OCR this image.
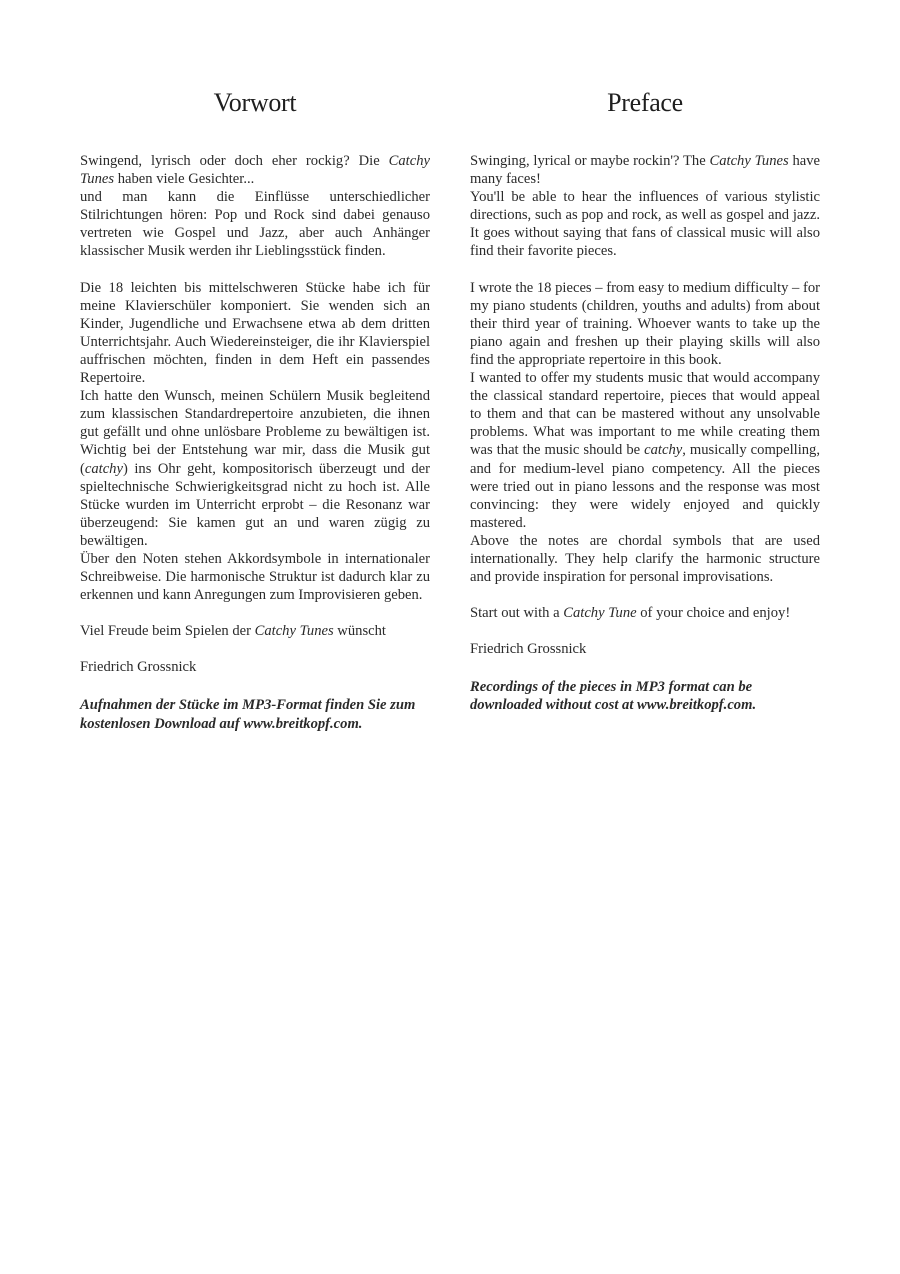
Vorwort

Swingend, lyrisch oder doch eher rockig? Die Catchy Tunes haben viele Gesichter...

und man kann die Einflüsse unterschiedlicher Stilrichtungen hören: Pop und Rock sind dabei genauso vertreten wie Gospel und Jazz, aber auch Anhänger klassischer Musik werden ihr Lieblingsstück finden.

Die 18 leichten bis mittelschweren Stücke habe ich für meine Klavierschüler komponiert. Sie wenden sich an Kinder, Jugendliche und Erwachsene etwa ab dem dritten Unterrichtsjahr. Auch Wiedereinsteiger, die ihr Klavierspiel auffrischen möchten, finden in dem Heft ein passendes Repertoire.

Ich hatte den Wunsch, meinen Schülern Musik begleitend zum klassischen Standardrepertoire anzubieten, die ihnen gut gefällt und ohne unlösbare Probleme zu bewältigen ist. Wichtig bei der Entstehung war mir, dass die Musik gut (catchy) ins Ohr geht, kompositorisch überzeugt und der spieltechnische Schwierigkeitsgrad nicht zu hoch ist. Alle Stücke wurden im Unterricht erprobt – die Resonanz war überzeugend: Sie kamen gut an und waren zügig zu bewältigen.

Über den Noten stehen Akkordsymbole in internationaler Schreibweise. Die harmonische Struktur ist dadurch klar zu erkennen und kann Anregungen zum Improvisieren geben.

Viel Freude beim Spielen der Catchy Tunes wünscht

Friedrich Grossnick

Aufnahmen der Stücke im MP3-Format finden Sie zum kostenlosen Download auf www.breitkopf.com.

Preface

Swinging, lyrical or maybe rockin'? The Catchy Tunes have many faces!

You'll be able to hear the influences of various stylistic directions, such as pop and rock, as well as gospel and jazz. It goes without saying that fans of classical music will also find their favorite pieces.

I wrote the 18 pieces – from easy to medium difficulty – for my piano students (children, youths and adults) from about their third year of training. Whoever wants to take up the piano again and freshen up their playing skills will also find the appropriate repertoire in this book.

I wanted to offer my students music that would accompany the classical standard repertoire, pieces that would appeal to them and that can be mastered without any unsolvable problems. What was important to me while creating them was that the music should be catchy, musically compelling, and for medium-level piano competency. All the pieces were tried out in piano lessons and the response was most convincing: they were widely enjoyed and quickly mastered.

Above the notes are chordal symbols that are used internationally. They help clarify the harmonic structure and provide inspiration for personal improvisations.

Start out with a Catchy Tune of your choice and enjoy!

Friedrich Grossnick

Recordings of the pieces in MP3 format can be downloaded without cost at www.breitkopf.com.
